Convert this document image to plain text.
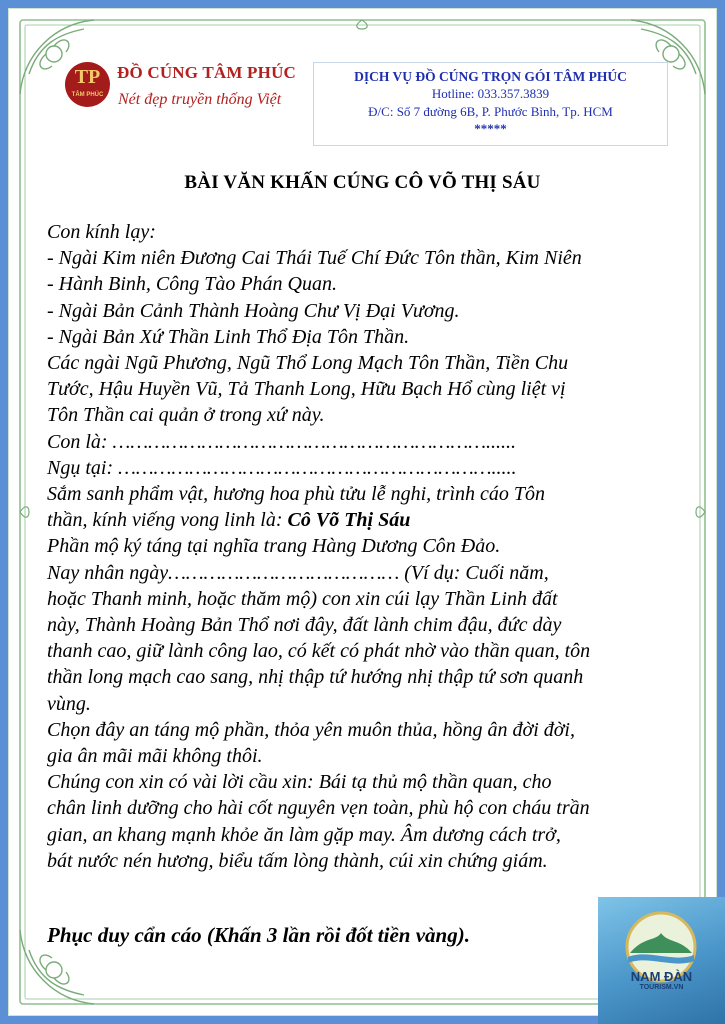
TP
TÂM PHÚC
ĐỒ CÚNG TÂM PHÚC
Nét đẹp truyền thống Việt
DỊCH VỤ ĐỒ CÚNG TRỌN GÓI TÂM PHÚC
Hotline: 033.357.3839
Đ/C: Số 7 đường 6B, P. Phước Bình, Tp. HCM
*****
BÀI VĂN KHẤN CÚNG CÔ VÕ THỊ SÁU

Con kính lạy:

- Ngài Kim niên Đương Cai Thái Tuế Chí Đức Tôn thần, Kim Niên

- Hành Binh, Công Tào Phán Quan.

- Ngài Bản Cảnh Thành Hoàng Chư Vị Đại Vương.

- Ngài Bản Xứ Thần Linh Thổ Địa Tôn Thần.

Các ngài Ngũ Phương, Ngũ Thổ Long Mạch Tôn Thần, Tiền Chu

Tước, Hậu Huyền Vũ, Tả Thanh Long, Hữu Bạch Hổ cùng liệt vị

Tôn Thần cai quản ở trong xứ này.

Con là: ………………………………………………………......

Ngụ tại: ……………………………………………………….....

Sắm sanh phẩm vật, hương hoa phù tửu lễ nghi, trình cáo Tôn

thần, kính viếng vong linh là: Cô Võ Thị Sáu

Phần mộ ký táng tại nghĩa trang Hàng Dương Côn Đảo.

Nay nhân ngày………………………………… (Ví dụ: Cuối năm,

hoặc Thanh minh, hoặc thăm mộ) con xin cúi lạy Thần Linh đất

này, Thành Hoàng Bản Thổ nơi đây, đất lành chim đậu, đức dày

thanh cao, giữ lành công lao, có kết có phát nhờ vào thần quan, tôn

thần long mạch cao sang, nhị thập tứ hướng nhị thập tứ sơn quanh

vùng.

Chọn đây an táng mộ phần, thỏa yên muôn thủa, hồng ân đời đời,

gia ân mãi mãi không thôi.

Chúng con xin có vài lời cầu xin: Bái tạ thủ mộ thần quan, cho

chân linh dưỡng cho hài cốt nguyên vẹn toàn, phù hộ con cháu trần

gian, an khang mạnh khỏe ăn làm gặp may. Âm dương cách trở,

bát nước nén hương, biểu tấm lòng thành, cúi xin chứng giám.

Phục duy cẩn cáo (Khấn 3 lần rồi đốt tiền vàng).
NAM ĐÀN
TOURISM.VN
